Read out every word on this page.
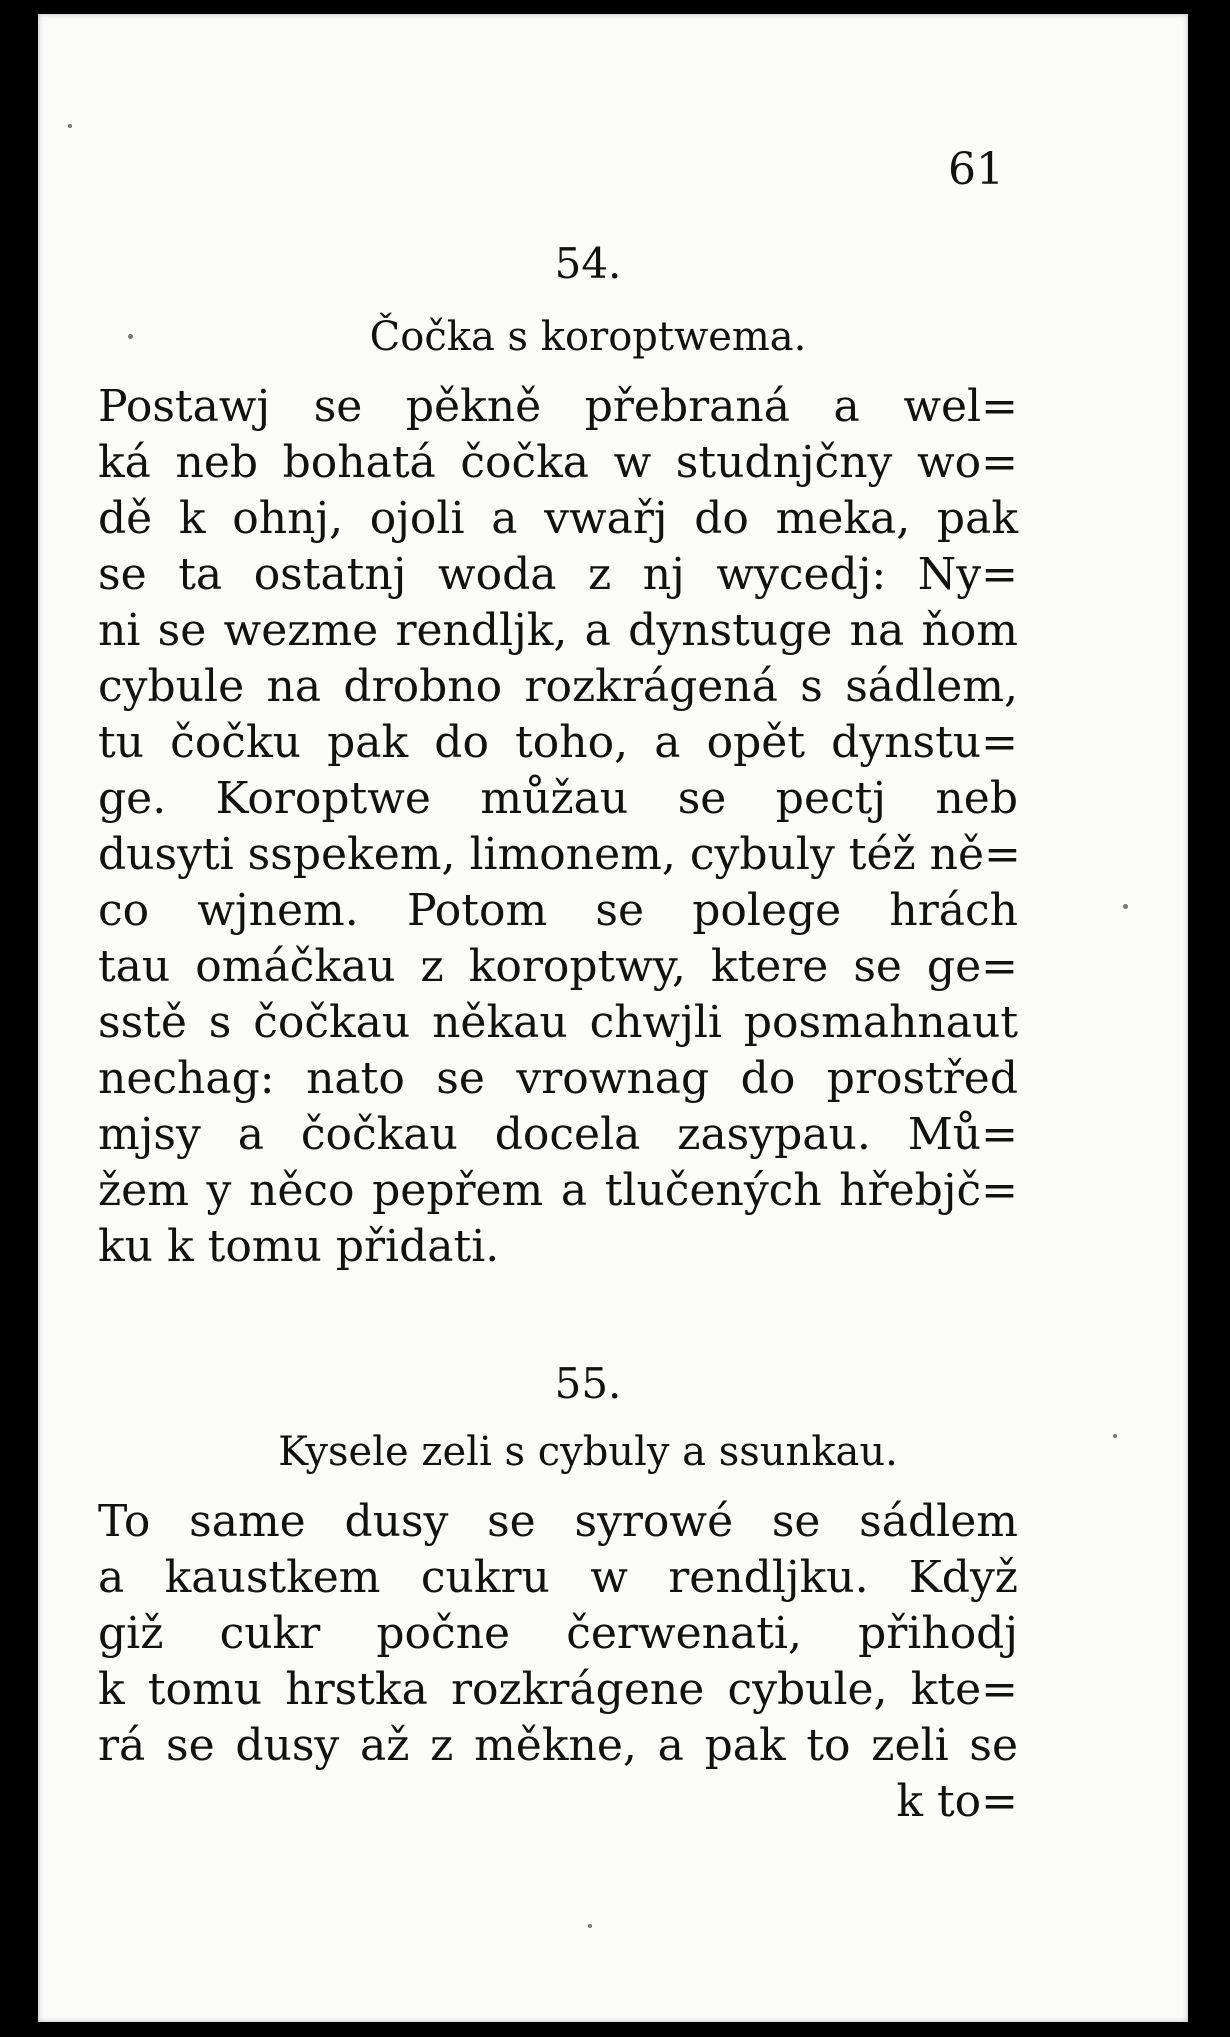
61
54.
Čočka s koroptwema.
Postawj se pěkně přebraná a wel=
ká neb bohatá čočka w studnjčny wo=
dě k ohnj, ojoli a vwařj do meka, pak
se ta ostatnj woda z nj wycedj: Ny=
ni se wezme rendljk, a dynstuge na ňom
cybule na drobno rozkrágená s sádlem,
tu čočku pak do toho, a opět dynstu=
ge. Koroptwe můžau se pectj neb
dusyti sspekem, limonem, cybuly též ně=
co wjnem. Potom se polege hrách
tau omáčkau z koroptwy, ktere se ge=
sstě s čočkau někau chwjli posmahnaut
nechag: nato se vrownag do prostřed
mjsy a čočkau docela zasypau. Mů=
žem y něco pepřem a tlučených hřebjč=
ku k tomu přidati.
55.
Kysele zeli s cybuly a ssunkau.
To same dusy se syrowé se sádlem
a kaustkem cukru w rendljku. Když
giž cukr počne čerwenati, přihodj
k tomu hrstka rozkrágene cybule, kte=
rá se dusy až z měkne, a pak to zeli se
k to=
